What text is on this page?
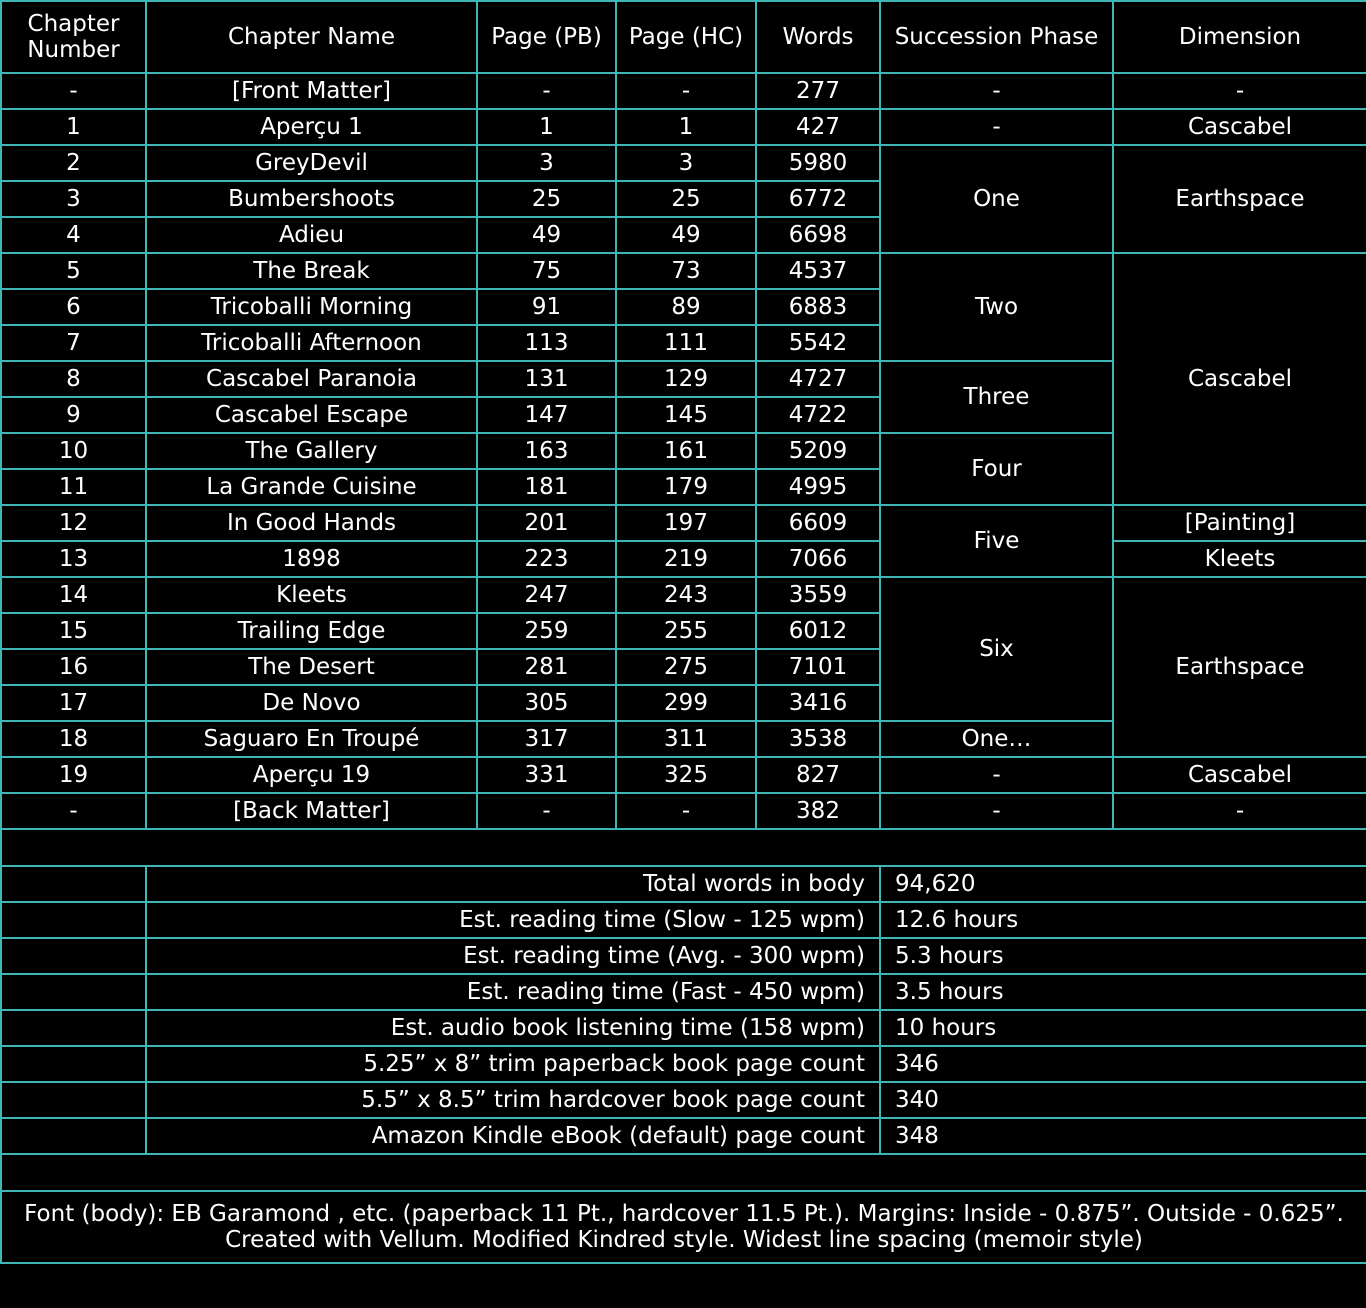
Chapter Number	Chapter Name	Page (PB)	Page (HC)	Words	Succession Phase	Dimension
-	[Front Matter]	-	-	277	-	-
1	Aperçu 1	1	1	427	-	Cascabel
2	GreyDevil	3	3	5980	One	Earthspace
3	Bumbershoots	25	25	6772		
4	Adieu	49	49	6698		
5	The Break	75	73	4537	Two	Cascabel
6	Tricoballi Morning	91	89	6883		
7	Tricoballi Afternoon	113	111	5542		
8	Cascabel Paranoia	131	129	4727	Three	
9	Cascabel Escape	147	145	4722		
10	The Gallery	163	161	5209	Four	
11	La Grande Cuisine	181	179	4995		
12	In Good Hands	201	197	6609	Five	[Painting]
13	1898	223	219	7066		Kleets
14	Kleets	247	243	3559	Six	Earthspace
15	Trailing Edge	259	255	6012		
16	The Desert	281	275	7101		
17	De Novo	305	299	3416		
18	Saguaro En Troupé	317	311	3538	One…	
19	Aperçu 19	331	325	827	-	Cascabel
-	[Back Matter]	-	-	382	-	-

	Total words in body				94,620	
	Est. reading time (Slow - 125 wpm)				12.6 hours	
	Est. reading time (Avg. - 300 wpm)				5.3 hours	
	Est. reading time (Fast - 450 wpm)				3.5 hours	
	Est. audio book listening time (158 wpm)				10 hours	
	5.25” x 8” trim paperback book page count				346	
	5.5” x 8.5” trim hardcover book page count				340	
	Amazon Kindle eBook (default) page count				348	

Font (body): EB Garamond , etc. (paperback 11 Pt., hardcover 11.5 Pt.). Margins: Inside - 0.875”. Outside - 0.625”. Created with Vellum. Modified Kindred style. Widest line spacing (memoir style)						
